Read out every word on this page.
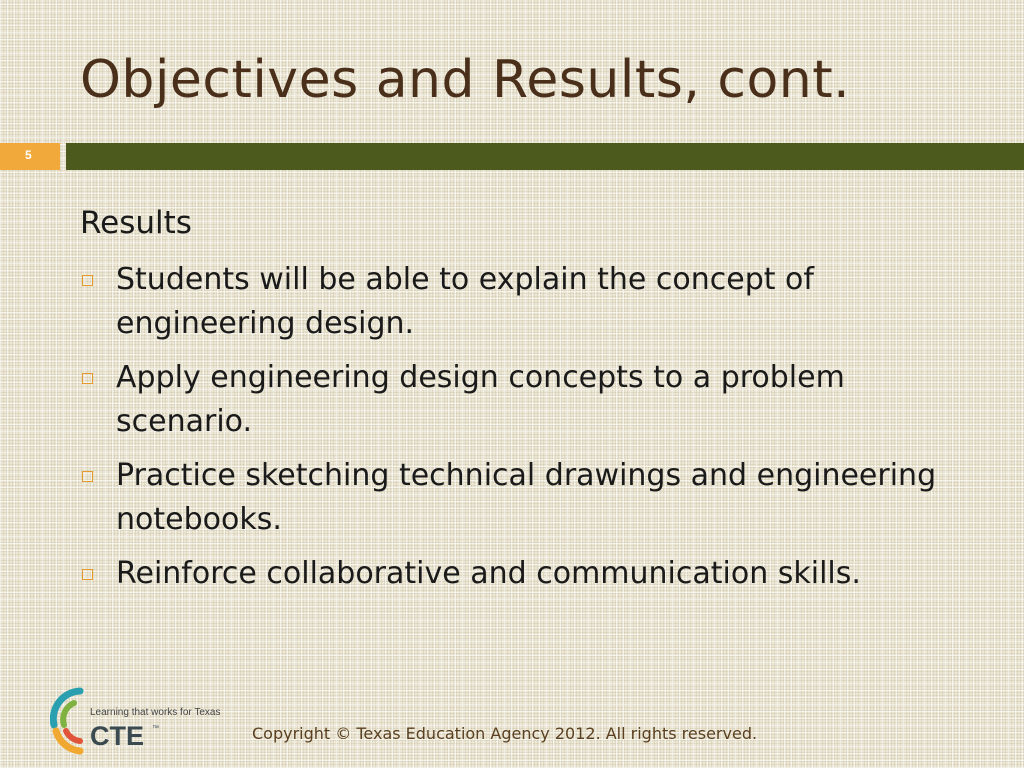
Objectives and Results, cont.
5
Results
Students will be able to explain the concept of engineering design.
Apply engineering design concepts to a problem scenario.
Practice sketching technical drawings and engineering notebooks.
Reinforce collaborative and communication skills.
Learning that works for Texas
CTE ™	Copyright © Texas Education Agency 2012. All rights reserved.
